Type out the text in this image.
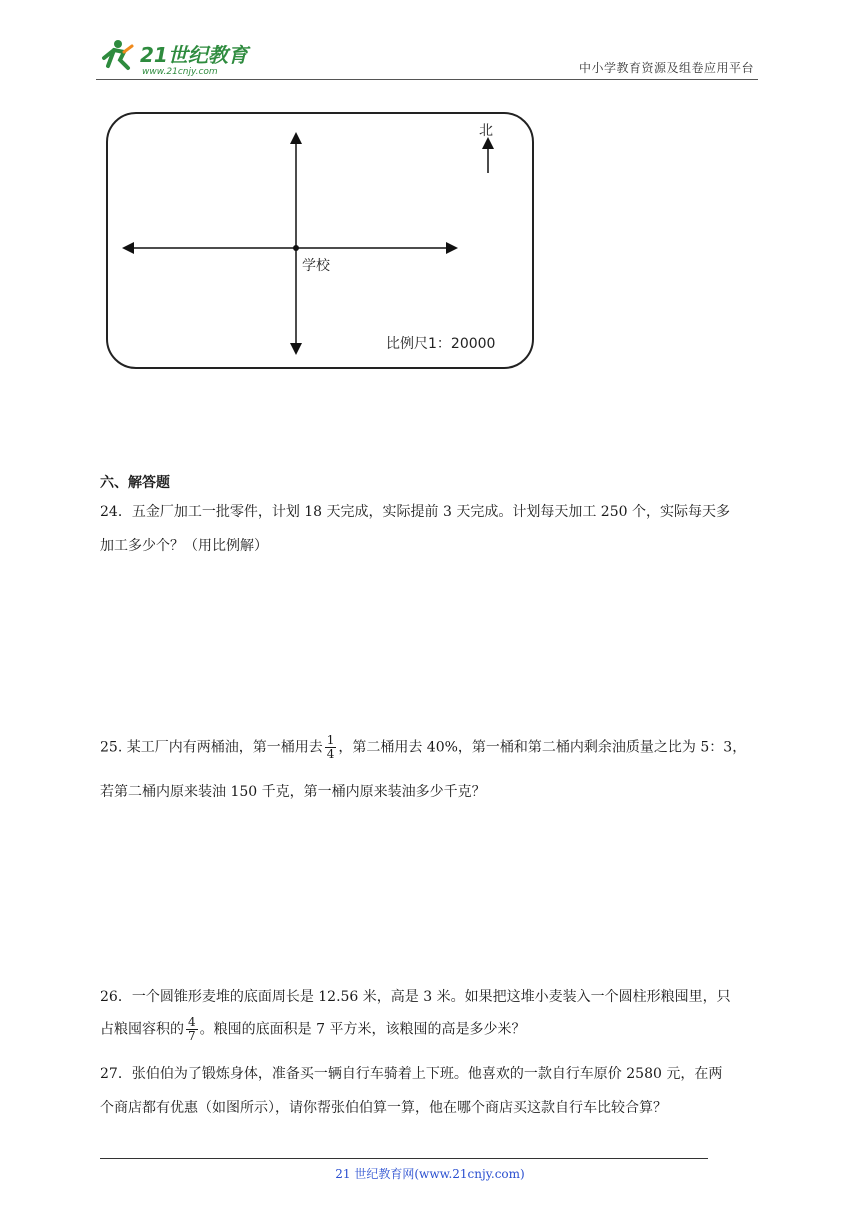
21世纪教育
www.21cnjy.com	中小学教育资源及组卷应用平台
北
学校
比例尺1：20000
六、解答题
24．五金厂加工一批零件，计划 18 天完成，实际提前 3 天完成。计划每天加工 250 个，实际每天多
加工多少个？（用比例解）
25. 某工厂内有两桶油，第一桶用去 $\frac{1}{4}$ ，第二桶用去 40%，第一桶和第二桶内剩余油质量之比为 5：3，
若第二桶内原来装油 150 千克，第一桶内原来装油多少千克？
26．一个圆锥形麦堆的底面周长是 12.56 米，高是 3 米。如果把这堆小麦装入一个圆柱形粮囤里，只
占粮囤容积的 $\frac{4}{7}$ 。粮囤的底面积是 7 平方米，该粮囤的高是多少米？
27．张伯伯为了锻炼身体，准备买一辆自行车骑着上下班。他喜欢的一款自行车原价 2580 元，在两
个商店都有优惠（如图所示），请你帮张伯伯算一算，他在哪个商店买这款自行车比较合算？
21 世纪教育网(www.21cnjy.com)
